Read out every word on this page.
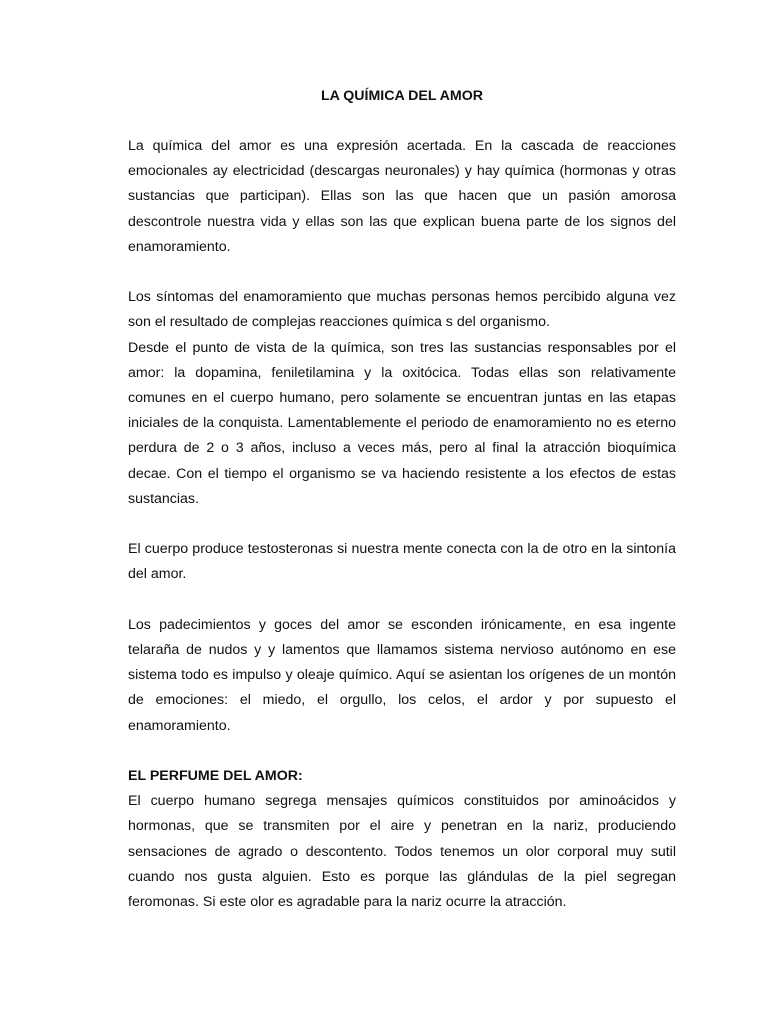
LA QUÍMICA DEL AMOR

La química del amor es una expresión acertada. En la cascada de reacciones emocionales ay electricidad (descargas neuronales) y hay química (hormonas y otras sustancias que participan). Ellas son las que hacen que un pasión amorosa descontrole nuestra vida y ellas son las que explican buena parte de los signos del enamoramiento.

Los síntomas del enamoramiento que muchas personas hemos percibido alguna vez son el resultado de complejas reacciones química s del organismo.

Desde el punto de vista de la química, son tres las sustancias responsables por el amor: la dopamina, feniletilamina y la oxitócica. Todas ellas son relativamente comunes en el cuerpo humano, pero solamente se encuentran juntas en las etapas iniciales de la conquista. Lamentablemente el periodo de enamoramiento no es eterno perdura de 2 o 3 años, incluso a veces más, pero al final la atracción bioquímica decae. Con el tiempo el organismo se va haciendo resistente a los efectos de estas sustancias.

El cuerpo produce testosteronas si nuestra mente conecta con la de otro en la sintonía del amor.

Los padecimientos y goces del amor se esconden irónicamente, en esa ingente telaraña de nudos y y lamentos que llamamos sistema nervioso autónomo en ese sistema todo es impulso y oleaje químico. Aquí se asientan los orígenes de un montón de emociones: el miedo, el orgullo, los celos, el ardor y por supuesto el enamoramiento.

EL PERFUME DEL AMOR:

El cuerpo humano segrega mensajes químicos constituidos por aminoácidos y hormonas, que se transmiten por el aire y penetran en la nariz, produciendo sensaciones de agrado o descontento. Todos tenemos un olor corporal muy sutil cuando nos gusta alguien. Esto es porque las glándulas de la piel segregan feromonas. Si este olor es agradable para la nariz ocurre la atracción.
